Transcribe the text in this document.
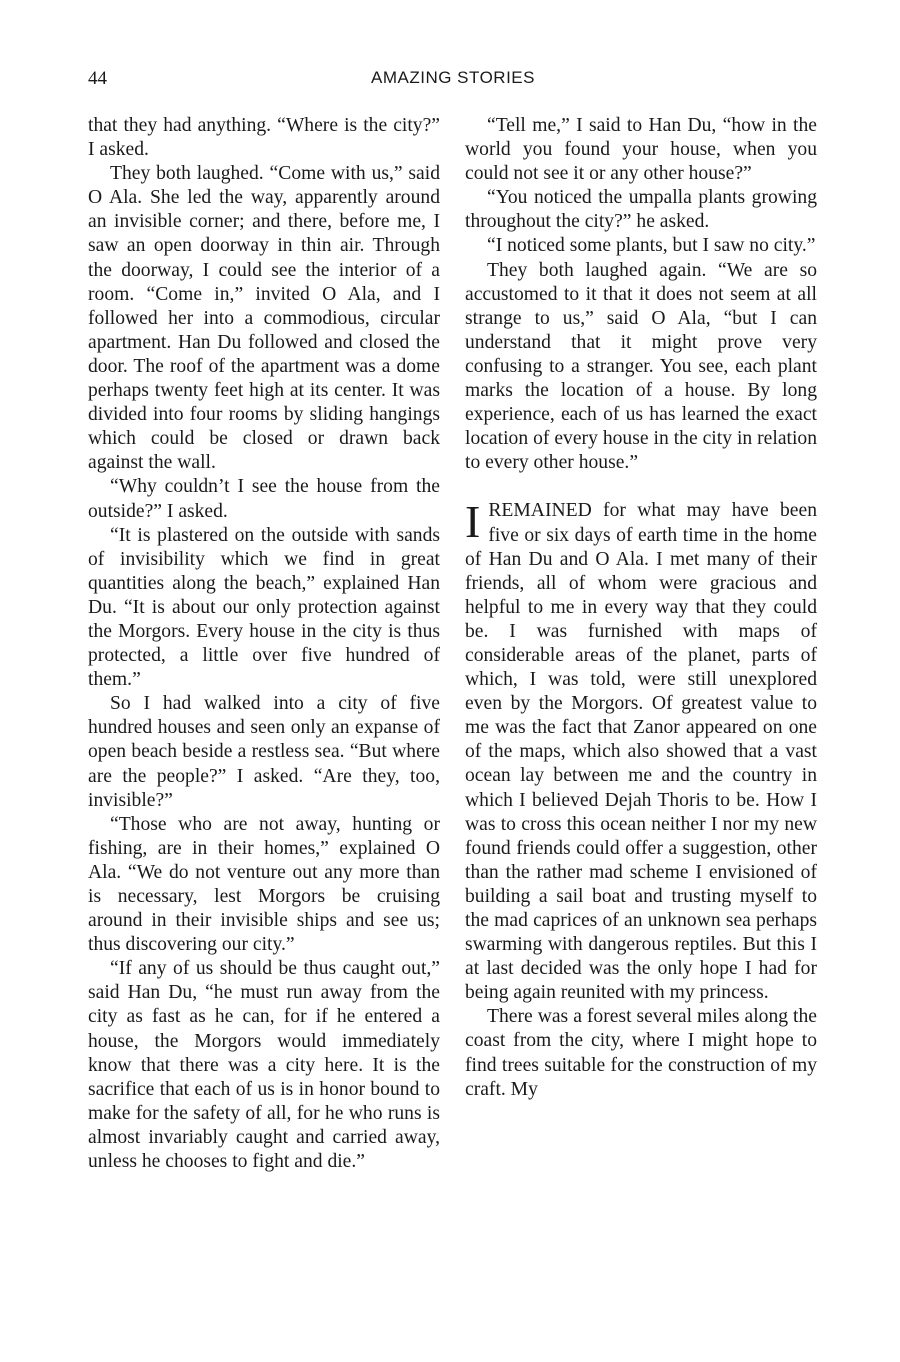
44	AMAZING STORIES

that they had anything. “Where is the city?” I asked.

They both laughed. “Come with us,” said O Ala. She led the way, apparently around an invisible corner; and there, before me, I saw an open doorway in thin air. Through the doorway, I could see the interior of a room. “Come in,” invited O Ala, and I followed her into a commodious, circular apartment. Han Du followed and closed the door. The roof of the apartment was a dome perhaps twenty feet high at its center. It was divided into four rooms by sliding hangings which could be closed or drawn back against the wall.

“Why couldn’t I see the house from the outside?” I asked.

“It is plastered on the outside with sands of invisibility which we find in great quantities along the beach,” explained Han Du. “It is about our only protection against the Morgors. Every house in the city is thus protected, a little over five hundred of them.”

So I had walked into a city of five hundred houses and seen only an expanse of open beach beside a restless sea. “But where are the people?” I asked. “Are they, too, invisible?”

“Those who are not away, hunting or fishing, are in their homes,” explained O Ala. “We do not venture out any more than is necessary, lest Morgors be cruising around in their invisible ships and see us; thus discovering our city.”

“If any of us should be thus caught out,” said Han Du, “he must run away from the city as fast as he can, for if he entered a house, the Morgors would immediately know that there was a city here. It is the sacrifice that each of us is in honor bound to make for the safety of all, for he who runs is almost invariably caught and carried away, unless he chooses to fight and die.”

“Tell me,” I said to Han Du, “how in the world you found your house, when you could not see it or any other house?”

“You noticed the umpalla plants growing throughout the city?” he asked.

“I noticed some plants, but I saw no city.”

They both laughed again. “We are so accustomed to it that it does not seem at all strange to us,” said O Ala, “but I can understand that it might prove very confusing to a stranger. You see, each plant marks the location of a house. By long experience, each of us has learned the exact location of every house in the city in relation to every other house.”

IREMAINED for what may have been five or six days of earth time in the home of Han Du and O Ala. I met many of their friends, all of whom were gracious and helpful to me in every way that they could be. I was furnished with maps of considerable areas of the planet, parts of which, I was told, were still unexplored even by the Morgors. Of greatest value to me was the fact that Zanor appeared on one of the maps, which also showed that a vast ocean lay between me and the country in which I believed Dejah Thoris to be. How I was to cross this ocean neither I nor my new found friends could offer a suggestion, other than the rather mad scheme I envisioned of building a sail boat and trusting myself to the mad caprices of an unknown sea perhaps swarming with dangerous reptiles. But this I at last decided was the only hope I had for being again reunited with my princess.

There was a forest several miles along the coast from the city, where I might hope to find trees suitable for the construction of my craft. My
